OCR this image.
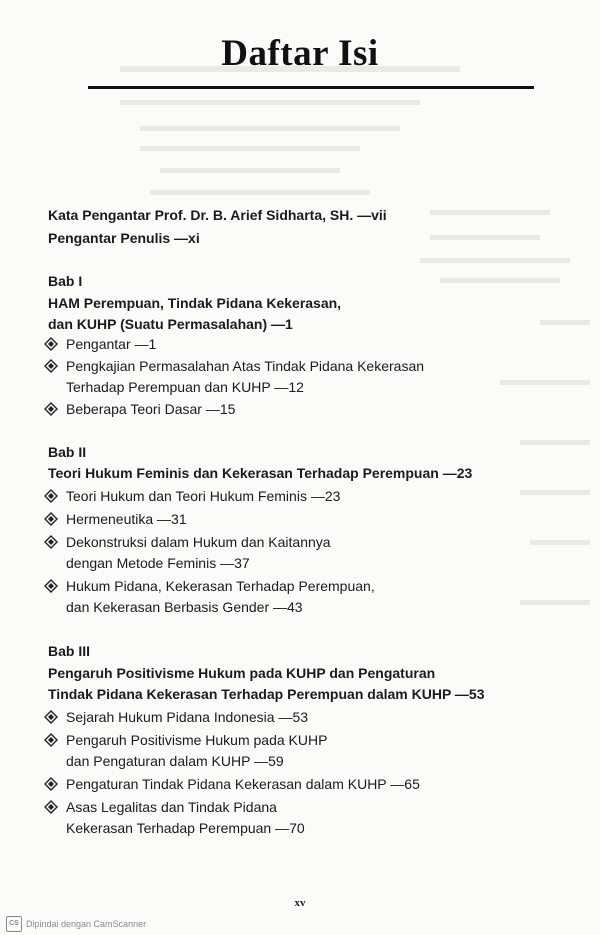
Daftar Isi
Kata Pengantar Prof. Dr. B. Arief Sidharta, SH. —vii
Pengantar Penulis —xi
Bab I
HAM Perempuan, Tindak Pidana Kekerasan,
dan KUHP (Suatu Permasalahan) —1
Pengantar —1
Pengkajian Permasalahan Atas Tindak Pidana Kekerasan
Terhadap Perempuan dan KUHP —12
Beberapa Teori Dasar —15
Bab II
Teori Hukum Feminis dan Kekerasan Terhadap Perempuan —23
Teori Hukum dan Teori Hukum Feminis —23
Hermeneutika —31
Dekonstruksi dalam Hukum dan Kaitannya
dengan Metode Feminis —37
Hukum Pidana, Kekerasan Terhadap Perempuan,
dan Kekerasan Berbasis Gender —43
Bab III
Pengaruh Positivisme Hukum pada KUHP dan Pengaturan
Tindak Pidana Kekerasan Terhadap Perempuan dalam KUHP —53
Sejarah Hukum Pidana Indonesia —53
Pengaruh Positivisme Hukum pada KUHP
dan Pengaturan dalam KUHP —59
Pengaturan Tindak Pidana Kekerasan dalam KUHP —65
Asas Legalitas dan Tindak Pidana
Kekerasan Terhadap Perempuan —70
xv
CS Dipindai dengan CamScanner
